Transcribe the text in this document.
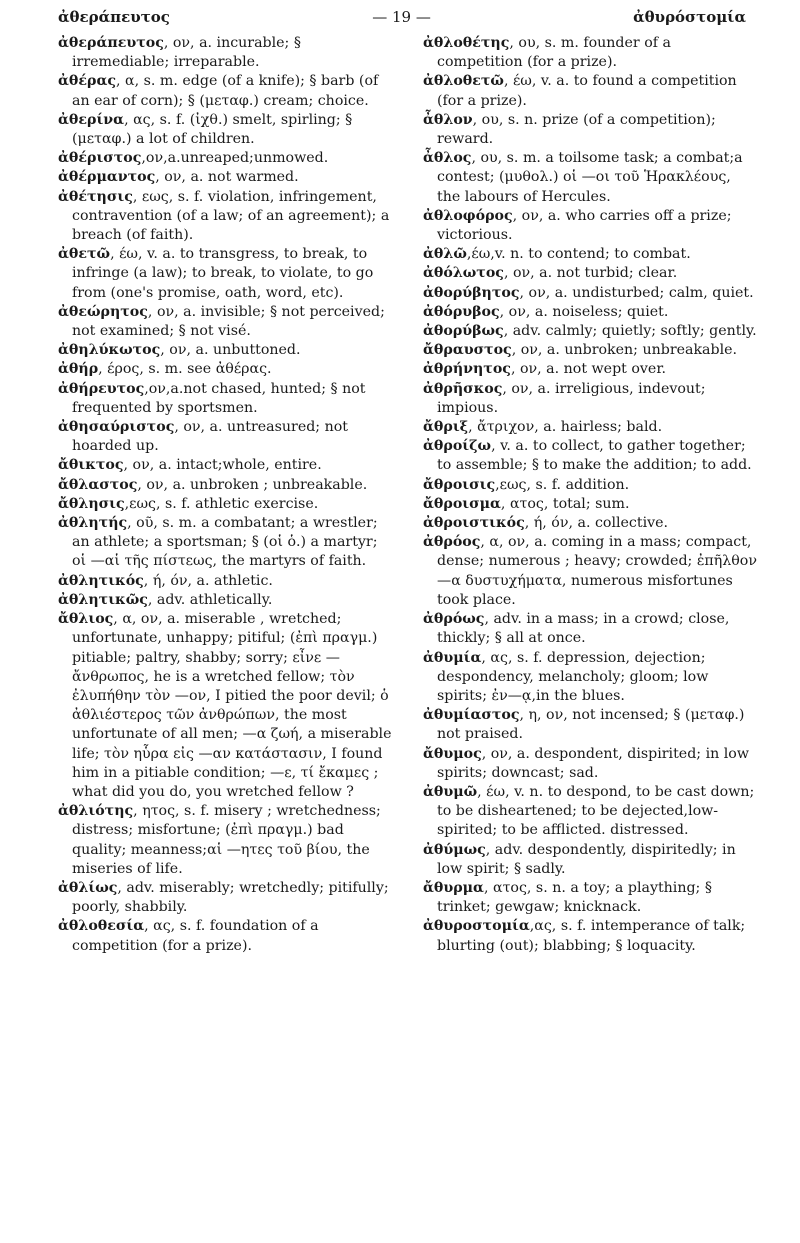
ἀθεράπευτος	— 19 —	ἀθυρόστομία

ἀθεράπευτος, ον, a. incurable; § irremediable; irreparable.

ἀθέρας, α, s. m. edge (of a knife); § barb (of an ear of corn); § (μεταφ.) cream; choice.

ἀθερίνα, ας, s. f. (ἰχθ.) smelt, spirling; § (μεταφ.) a lot of children.

ἀθέριστος,ον,a.unreaped;unmowed.

ἀθέρμαντος, ον, a. not warmed.

ἀθέτησις, εως, s. f. violation, infringement, contravention (of a law; of an agreement); a breach (of faith).

ἀθετῶ, έω, v. a. to transgress, to break, to infringe (a law); to break, to violate, to go from (one's promise, oath, word, etc).

ἀθεώρητος, ον, a. invisible; § not perceived; not examined; § not visé.

ἀθηλύκωτος, ον, a. unbuttoned.

ἀθήρ, έρος, s. m. see ἀθέρας.

ἀθήρευτος,ον,a.not chased, hunted; § not frequented by sportsmen.

ἀθησαύριστος, ον, a. untreasured; not hoarded up.

ἄθικτος, ον, a. intact;whole, entire.

ἄθλαστος, ον, a. unbroken ; unbreakable.

ἄθλησις,εως, s. f. athletic exercise.

ἀθλητής, οῦ, s. m. a combatant; a wrestler; an athlete; a sportsman; § (οἱ ὁ.) a martyr; οἱ —αἱ τῆς πίστεως, the martyrs of faith.

ἀθλητικός, ή, όν, a. athletic.

ἀθλητικῶς, adv. athletically.

ἄθλιος, α, ον, a. miserable , wretched; unfortunate, unhappy; pitiful; (ἐπὶ πραγμ.) pitiable; paltry, shabby; sorry; εἶνε — ἄνθρωπος, he is a wretched fellow; τὸν ἐλυπήθην τὸν —ον, I pitied the poor devil; ὁ ἀθλιέστερος τῶν ἀνθρώπων, the most unfortunate of all men; —α ζωή, a miserable life; τὸν ηὗρα εἰς —αν κατάστασιν, I found him in a pitiable condition; —ε, τί ἔκαμες ; what did you do, you wretched fellow ?

ἀθλιότης, ητος, s. f. misery ; wretchedness; distress; misfortune; (ἐπὶ πραγμ.) bad quality; meanness;αἱ —ητες τοῦ βίου, the miseries of life.

ἀθλίως, adv. miserably; wretchedly; pitifully; poorly, shabbily.

ἀθλοθεσία, ας, s. f. foundation of a competition (for a prize).

ἀθλοθέτης, ου, s. m. founder of a competition (for a prize).

ἀθλοθετῶ, έω, v. a. to found a competition (for a prize).

ἆθλον, ου, s. n. prize (of a competition); reward.

ἆθλος, ου, s. m. a toilsome task; a combat;a contest; (μυθολ.) οἱ —οι τοῦ Ἡρακλέους, the labours of Hercules.

ἀθλοφόρος, ον, a. who carries off a prize; victorious.

ἀθλῶ,έω,v. n. to contend; to combat.

ἀθόλωτος, ον, a. not turbid; clear.

ἀθορύβητος, ον, a. undisturbed; calm, quiet.

ἀθόρυβος, ον, a. noiseless; quiet.

ἀθορύβως, adv. calmly; quietly; softly; gently.

ἄθραυστος, ον, a. unbroken; unbreakable.

ἀθρήνητος, ον, a. not wept over.

ἀθρῆσκος, ον, a. irreligious, indevout; impious.

ἄθριξ, ἄτριχον, a. hairless; bald.

ἀθροίζω, v. a. to collect, to gather together; to assemble; § to make the addition; to add.

ἄθροισις,εως, s. f. addition.

ἄθροισμα, ατος, total; sum.

ἀθροιστικός, ή, όν, a. collective.

ἀθρόος, α, ον, a. coming in a mass; compact, dense; numerous ; heavy; crowded; ἐπῆλθον —α δυστυχήματα, numerous misfortunes took place.

ἀθρόως, adv. in a mass; in a crowd; close, thickly; § all at once.

ἀθυμία, ας, s. f. depression, dejection; despondency, melancholy; gloom; low spirits; ἐν—ᾳ,in the blues.

ἀθυμίαστος, η, ον, not incensed; § (μεταφ.) not praised.

ἄθυμος, ον, a. despondent, dispirited; in low spirits; downcast; sad.

ἀθυμῶ, έω, v. n. to despond, to be cast down; to be disheartened; to be dejected,low-spirited; to be afflicted. distressed.

ἀθύμως, adv. despondently, dispiritedly; in low spirit; § sadly.

ἄθυρμα, ατος, s. n. a toy; a plaything; § trinket; gewgaw; knicknack.

ἀθυροστομία,ας, s. f. intemperance of talk; blurting (out); blabbing; § loquacity.
